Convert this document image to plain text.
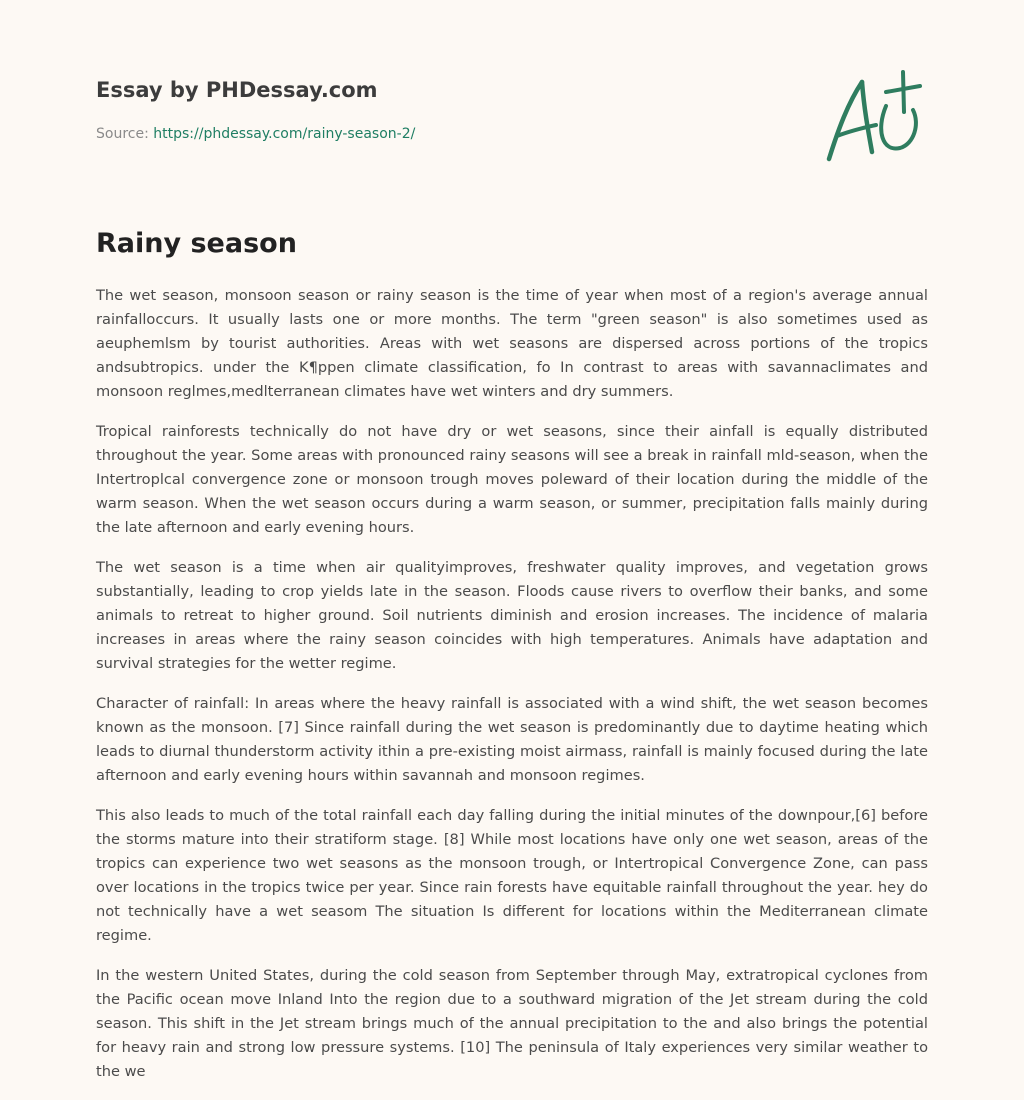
Essay by PHDessay.com
Source: https://phdessay.com/rainy-season-2/
Rainy season

The wet season, monsoon season or rainy season is the time of year when most of a region's average annual rainfalloccurs. It usually lasts one or more months. The term "green season" is also sometimes used as aeuphemlsm by tourist authorities. Areas with wet seasons are dispersed across portions of the tropics andsubtropics. under the K¶ppen climate classification, fo In contrast to areas with savannaclimates and monsoon reglmes,medlterranean climates have wet winters and dry summers.

Tropical rainforests technically do not have dry or wet seasons, since their ainfall is equally distributed throughout the year. Some areas with pronounced rainy seasons will see a break in rainfall mld-season, when the Intertroplcal convergence zone or monsoon trough moves poleward of their location during the middle of the warm season. When the wet season occurs during a warm season, or summer, precipitation falls mainly during the late afternoon and early evening hours.

The wet season is a time when air qualityimproves, freshwater quality improves, and vegetation grows substantially, leading to crop yields late in the season. Floods cause rivers to overflow their banks, and some animals to retreat to higher ground. Soil nutrients diminish and erosion increases. The incidence of malaria increases in areas where the rainy season coincides with high temperatures. Animals have adaptation and survival strategies for the wetter regime.

Character of rainfall: In areas where the heavy rainfall is associated with a wind shift, the wet season becomes known as the monsoon. [7] Since rainfall during the wet season is predominantly due to daytime heating which leads to diurnal thunderstorm activity ithin a pre-existing moist airmass, rainfall is mainly focused during the late afternoon and early evening hours within savannah and monsoon regimes.

This also leads to much of the total rainfall each day falling during the initial minutes of the downpour,[6] before the storms mature into their stratiform stage. [8] While most locations have only one wet season, areas of the tropics can experience two wet seasons as the monsoon trough, or Intertropical Convergence Zone, can pass over locations in the tropics twice per year. Since rain forests have equitable rainfall throughout the year. hey do not technically have a wet seasom The situation Is different for locations within the Mediterranean climate regime.

In the western United States, during the cold season from September through May, extratropical cyclones from the Pacific ocean move Inland Into the region due to a southward migration of the Jet stream during the cold season. This shift in the Jet stream brings much of the annual precipitation to the and also brings the potential for heavy rain and strong low pressure systems. [10] The peninsula of Italy experiences very similar weather to the we
